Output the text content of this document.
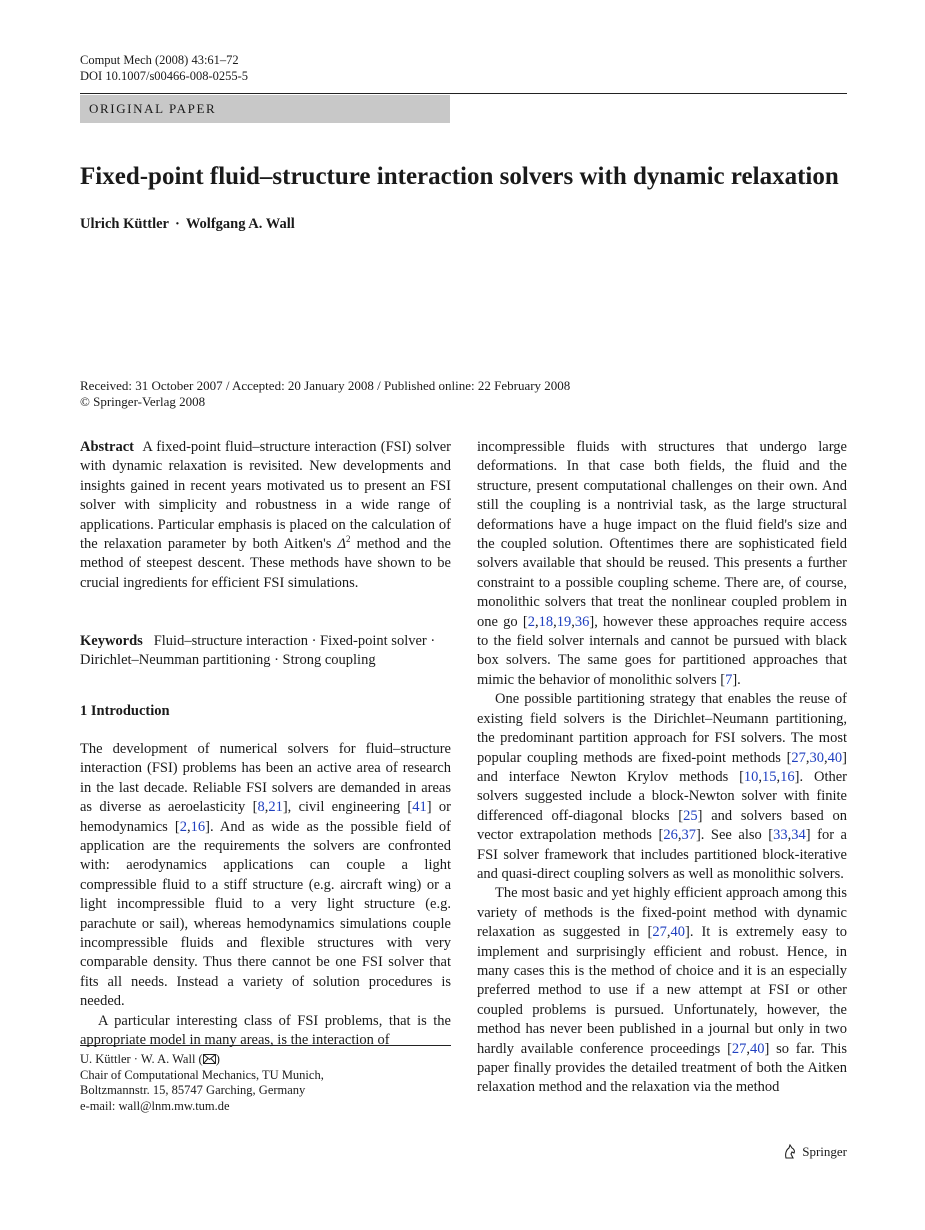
Comput Mech (2008) 43:61–72
DOI 10.1007/s00466-008-0255-5
ORIGINAL PAPER
Fixed-point fluid–structure interaction solvers with dynamic relaxation
Ulrich Küttler · Wolfgang A. Wall
Received: 31 October 2007 / Accepted: 20 January 2008 / Published online: 22 February 2008
© Springer-Verlag 2008

Abstract A fixed-point fluid–structure interaction (FSI) solver with dynamic relaxation is revisited. New developments and insights gained in recent years motivated us to present an FSI solver with simplicity and robustness in a wide range of applications. Particular emphasis is placed on the calculation of the relaxation parameter by both Aitken's $\Delta^2$ method and the method of steepest descent. These methods have shown to be crucial ingredients for efficient FSI simulations.

Keywords Fluid–structure interaction · Fixed-point solver · Dirichlet–Neumman partitioning · Strong coupling

1 Introduction

The development of numerical solvers for fluid–structure interaction (FSI) problems has been an active area of research in the last decade. Reliable FSI solvers are demanded in areas as diverse as aeroelasticity [8,21], civil engineering [41] or hemodynamics [2,16]. And as wide as the possible field of application are the requirements the solvers are confronted with: aerodynamics applications can couple a light compressible fluid to a stiff structure (e.g. aircraft wing) or a light incompressible fluid to a very light structure (e.g. parachute or sail), whereas hemodynamics simulations couple incompressible fluids and flexible structures with very comparable density. Thus there cannot be one FSI solver that fits all needs. Instead a variety of solution procedures is needed.

A particular interesting class of FSI problems, that is the appropriate model in many areas, is the interaction of

U. Küttler · W. A. Wall ( )
Chair of Computational Mechanics, TU Munich,
Boltzmannstr. 15, 85747 Garching, Germany
e-mail: wall@lnm.mw.tum.de

incompressible fluids with structures that undergo large deformations. In that case both fields, the fluid and the structure, present computational challenges on their own. And still the coupling is a nontrivial task, as the large structural deformations have a huge impact on the fluid field's size and the coupled solution. Oftentimes there are sophisticated field solvers available that should be reused. This presents a further constraint to a possible coupling scheme. There are, of course, monolithic solvers that treat the nonlinear coupled problem in one go [2,18,19,36], however these approaches require access to the field solver internals and cannot be pursued with black box solvers. The same goes for partitioned approaches that mimic the behavior of monolithic solvers [7].

One possible partitioning strategy that enables the reuse of existing field solvers is the Dirichlet–Neumann partitioning, the predominant partition approach for FSI solvers. The most popular coupling methods are fixed-point methods [27,30,40] and interface Newton Krylov methods [10,15,16]. Other solvers suggested include a block-Newton solver with finite differenced off-diagonal blocks [25] and solvers based on vector extrapolation methods [26,37]. See also [33,34] for a FSI solver framework that includes partitioned block-iterative and quasi-direct coupling solvers as well as monolithic solvers.

The most basic and yet highly efficient approach among this variety of methods is the fixed-point method with dynamic relaxation as suggested in [27,40]. It is extremely easy to implement and surprisingly efficient and robust. Hence, in many cases this is the method of choice and it is an especially preferred method to use if a new attempt at FSI or other coupled problems is pursued. Unfortunately, however, the method has never been published in a journal but only in two hardly available conference proceedings [27,40] so far. This paper finally provides the detailed treatment of both the Aitken relaxation method and the relaxation via the method

Springer
